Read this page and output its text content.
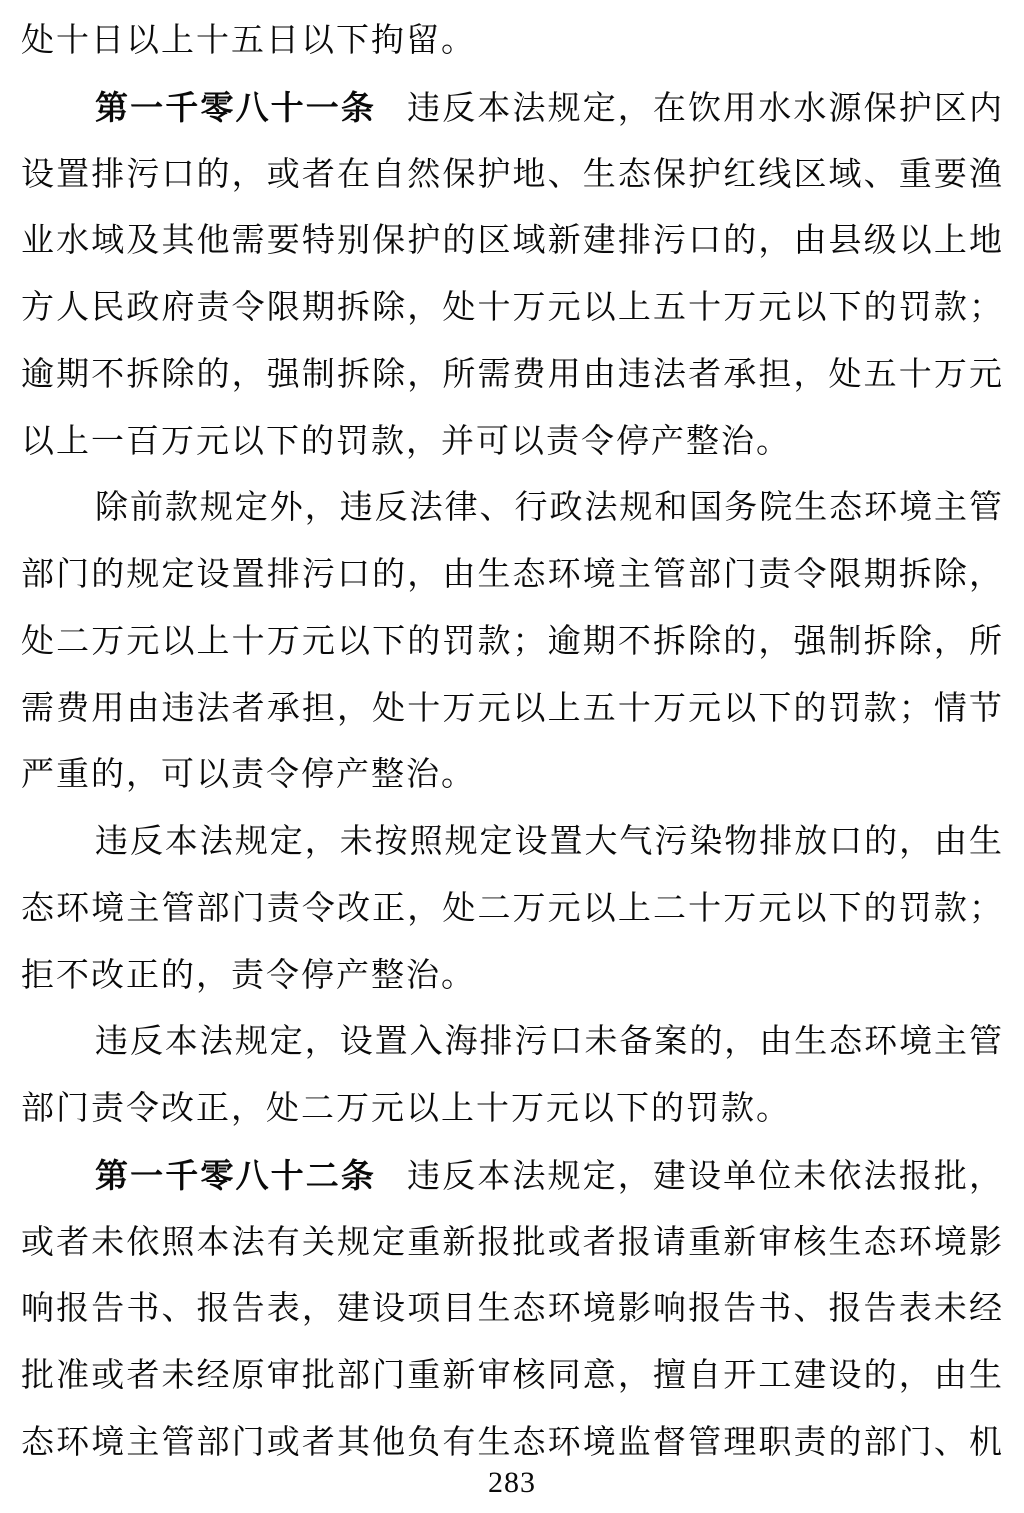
处十日以上十五日以下拘留。
第一千零八十一条 违反本法规定，在饮用水水源保护区内
设置排污口的，或者在自然保护地、生态保护红线区域、重要渔
业水域及其他需要特别保护的区域新建排污口的，由县级以上地
方人民政府责令限期拆除，处十万元以上五十万元以下的罚款；
逾期不拆除的，强制拆除，所需费用由违法者承担，处五十万元
以上一百万元以下的罚款，并可以责令停产整治。
除前款规定外，违反法律、行政法规和国务院生态环境主管
部门的规定设置排污口的，由生态环境主管部门责令限期拆除，
处二万元以上十万元以下的罚款；逾期不拆除的，强制拆除，所
需费用由违法者承担，处十万元以上五十万元以下的罚款；情节
严重的，可以责令停产整治。
违反本法规定，未按照规定设置大气污染物排放口的，由生
态环境主管部门责令改正，处二万元以上二十万元以下的罚款；
拒不改正的，责令停产整治。
违反本法规定，设置入海排污口未备案的，由生态环境主管
部门责令改正，处二万元以上十万元以下的罚款。
第一千零八十二条 违反本法规定，建设单位未依法报批，
或者未依照本法有关规定重新报批或者报请重新审核生态环境影
响报告书、报告表，建设项目生态环境影响报告书、报告表未经
批准或者未经原审批部门重新审核同意，擅自开工建设的，由生
态环境主管部门或者其他负有生态环境监督管理职责的部门、机
283
